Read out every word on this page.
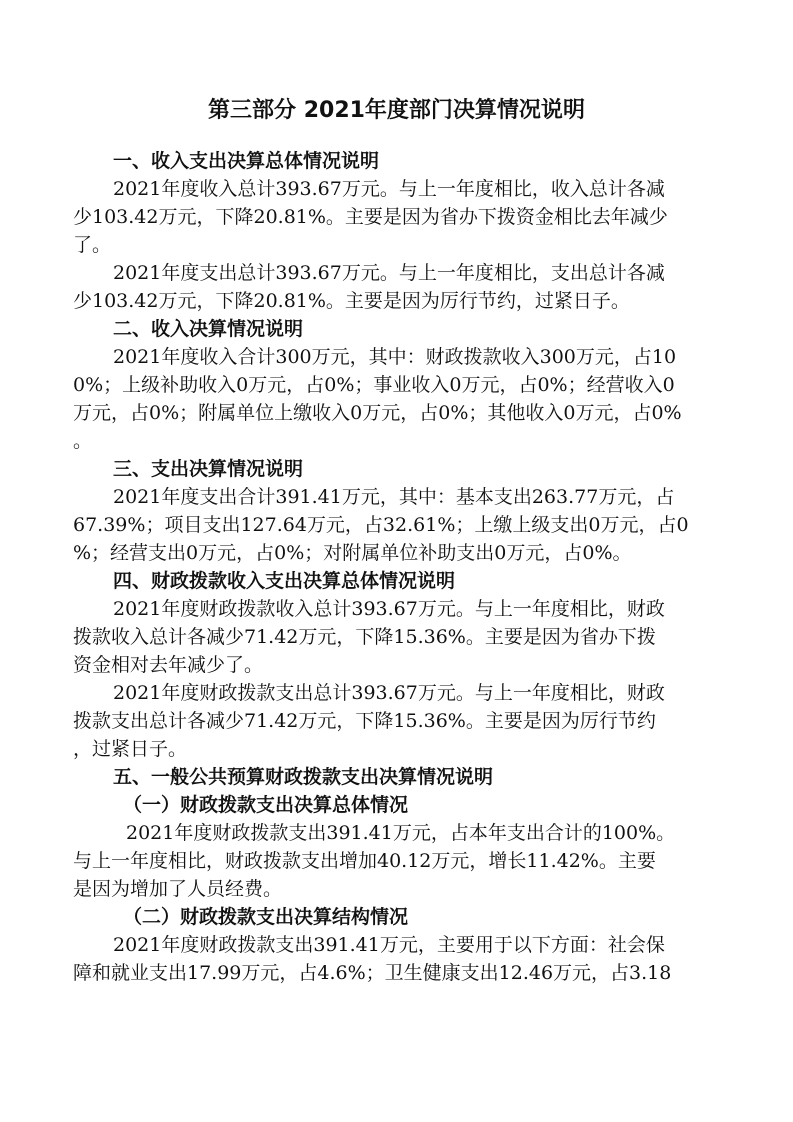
第三部分 2021年度部门决算情况说明
一、收入支出决算总体情况说明
2021年度收入总计393.67万元。与上一年度相比，收入总计各减
少103.42万元，下降20.81%。主要是因为省办下拨资金相比去年减少
了。
2021年度支出总计393.67万元。与上一年度相比，支出总计各减
少103.42万元，下降20.81%。主要是因为厉行节约，过紧日子。
二、收入决算情况说明
2021年度收入合计300万元，其中：财政拨款收入300万元，占10
0%；上级补助收入0万元，占0%；事业收入0万元，占0%；经营收入0
万元，占0%；附属单位上缴收入0万元，占0%；其他收入0万元，占0%
。
三、支出决算情况说明
2021年度支出合计391.41万元，其中：基本支出263.77万元，占
67.39%；项目支出127.64万元，占32.61%；上缴上级支出0万元，占0
%；经营支出0万元，占0%；对附属单位补助支出0万元，占0%。
四、财政拨款收入支出决算总体情况说明
2021年度财政拨款收入总计393.67万元。与上一年度相比，财政
拨款收入总计各减少71.42万元，下降15.36%。主要是因为省办下拨
资金相对去年减少了。
2021年度财政拨款支出总计393.67万元。与上一年度相比，财政
拨款支出总计各减少71.42万元，下降15.36%。主要是因为厉行节约
，过紧日子。
五、一般公共预算财政拨款支出决算情况说明
（一）财政拨款支出决算总体情况
2021年度财政拨款支出391.41万元，占本年支出合计的100%。
与上一年度相比，财政拨款支出增加40.12万元，增长11.42%。主要
是因为增加了人员经费。
（二）财政拨款支出决算结构情况
2021年度财政拨款支出391.41万元，主要用于以下方面：社会保
障和就业支出17.99万元，占4.6%；卫生健康支出12.46万元，占3.18
